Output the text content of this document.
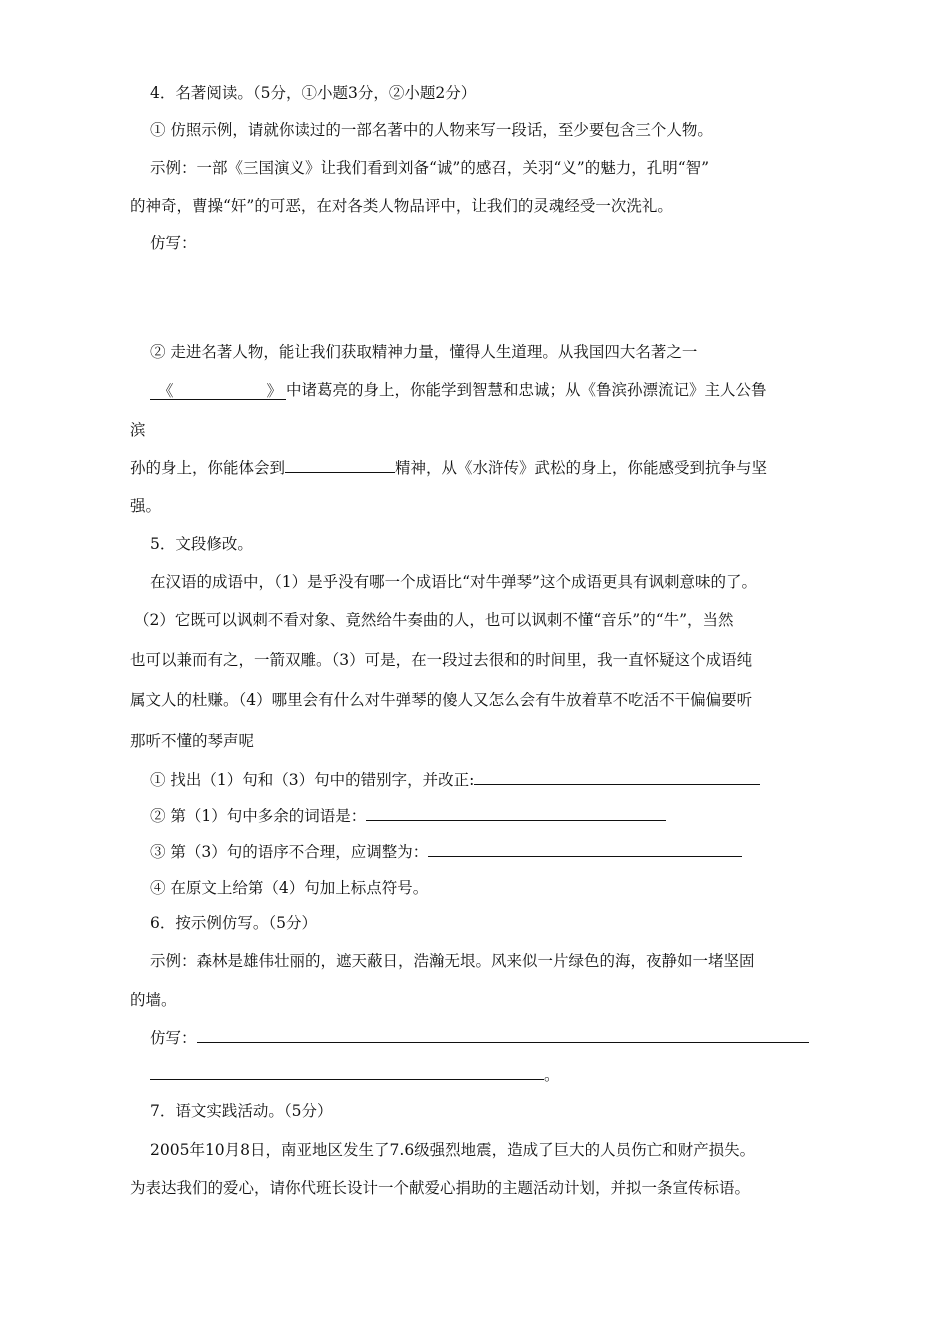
4．名著阅读。（5分，①小题3分，②小题2分）
① 仿照示例，请就你读过的一部名著中的人物来写一段话，至少要包含三个人物。
示例：一部《三国演义》让我们看到刘备“诚”的感召，关羽“义”的魅力，孔明“智”
的神奇，曹操“奸”的可恶，在对各类人物品评中，让我们的灵魂经受一次洗礼。
仿写：
② 走进名著人物，能让我们获取精神力量，懂得人生道理。从我国四大名著之一
《	》 中诸葛亮的身上，你能学到智慧和忠诚；从《鲁滨孙漂流记》主人公鲁
滨
孙的身上，你能体会到	精神，从《水浒传》武松的身上，你能感受到抗争与坚
强。
5．文段修改。
在汉语的成语中，（1）是乎没有哪一个成语比“对牛弹琴”这个成语更具有讽刺意味的了。
（2）它既可以讽刺不看对象、竟然给牛奏曲的人，也可以讽刺不懂“音乐”的“牛”，当然
也可以兼而有之，一箭双雕。（3）可是，在一段过去很和的时间里，我一直怀疑这个成语纯
属文人的杜赚。（4）哪里会有什么对牛弹琴的傻人又怎么会有牛放着草不吃活不干偏偏要听
那听不懂的琴声呢
① 找出（1）句和（3）句中的错别字，并改正:
② 第（1）句中多余的词语是：
③ 第（3）句的语序不合理，应调整为：
④ 在原文上给第（4）句加上标点符号。
6．按示例仿写。（5分）
示例：森林是雄伟壮丽的，遮天蔽日，浩瀚无垠。风来似一片绿色的海，夜静如一堵坚固
的墙。
仿写：
。
7．语文实践活动。（5分）
2005年10月8日，南亚地区发生了7.6级强烈地震，造成了巨大的人员伤亡和财产损失。
为表达我们的爱心，请你代班长设计一个献爱心捐助的主题活动计划，并拟一条宣传标语。
